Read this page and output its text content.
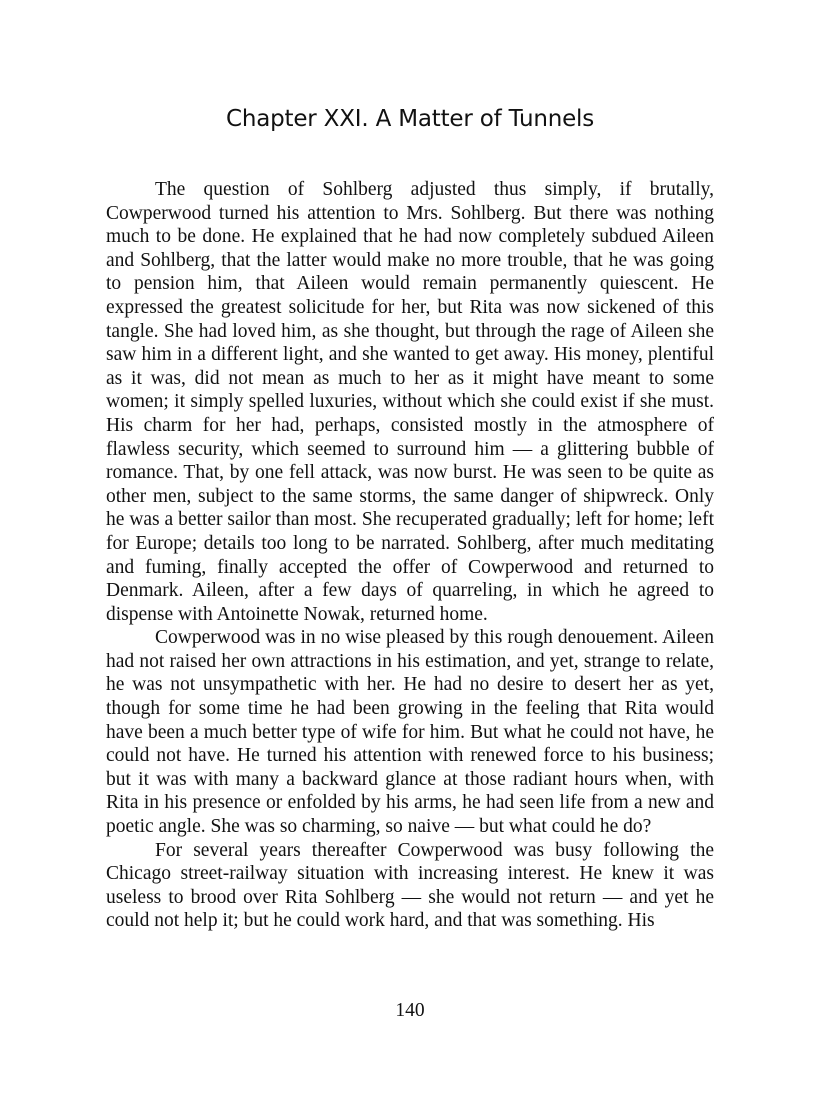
Chapter XXI. A Matter of Tunnels

The question of Sohlberg adjusted thus simply, if brutally, Cowperwood turned his attention to Mrs. Sohlberg. But there was nothing much to be done. He explained that he had now completely subdued Aileen and Sohlberg, that the latter would make no more trouble, that he was going to pension him, that Aileen would remain permanently quiescent. He expressed the greatest solicitude for her, but Rita was now sickened of this tangle. She had loved him, as she thought, but through the rage of Aileen she saw him in a different light, and she wanted to get away. His money, plentiful as it was, did not mean as much to her as it might have meant to some women; it simply spelled luxuries, without which she could exist if she must. His charm for her had, perhaps, consisted mostly in the atmosphere of flawless security, which seemed to surround him — a glittering bubble of romance. That, by one fell attack, was now burst. He was seen to be quite as other men, subject to the same storms, the same danger of shipwreck. Only he was a better sailor than most. She recuperated gradually; left for home; left for Europe; details too long to be narrated. Sohlberg, after much meditating and fuming, finally accepted the offer of Cowperwood and returned to Denmark. Aileen, after a few days of quarreling, in which he agreed to dispense with Antoinette Nowak, returned home.

Cowperwood was in no wise pleased by this rough denouement. Aileen had not raised her own attractions in his estimation, and yet, strange to relate, he was not unsympathetic with her. He had no desire to desert her as yet, though for some time he had been growing in the feeling that Rita would have been a much better type of wife for him. But what he could not have, he could not have. He turned his attention with renewed force to his business; but it was with many a backward glance at those radiant hours when, with Rita in his presence or enfolded by his arms, he had seen life from a new and poetic angle. She was so charming, so naive — but what could he do?

For several years thereafter Cowperwood was busy following the Chicago street-railway situation with increasing interest. He knew it was useless to brood over Rita Sohlberg — she would not return — and yet he could not help it; but he could work hard, and that was something. His

140
